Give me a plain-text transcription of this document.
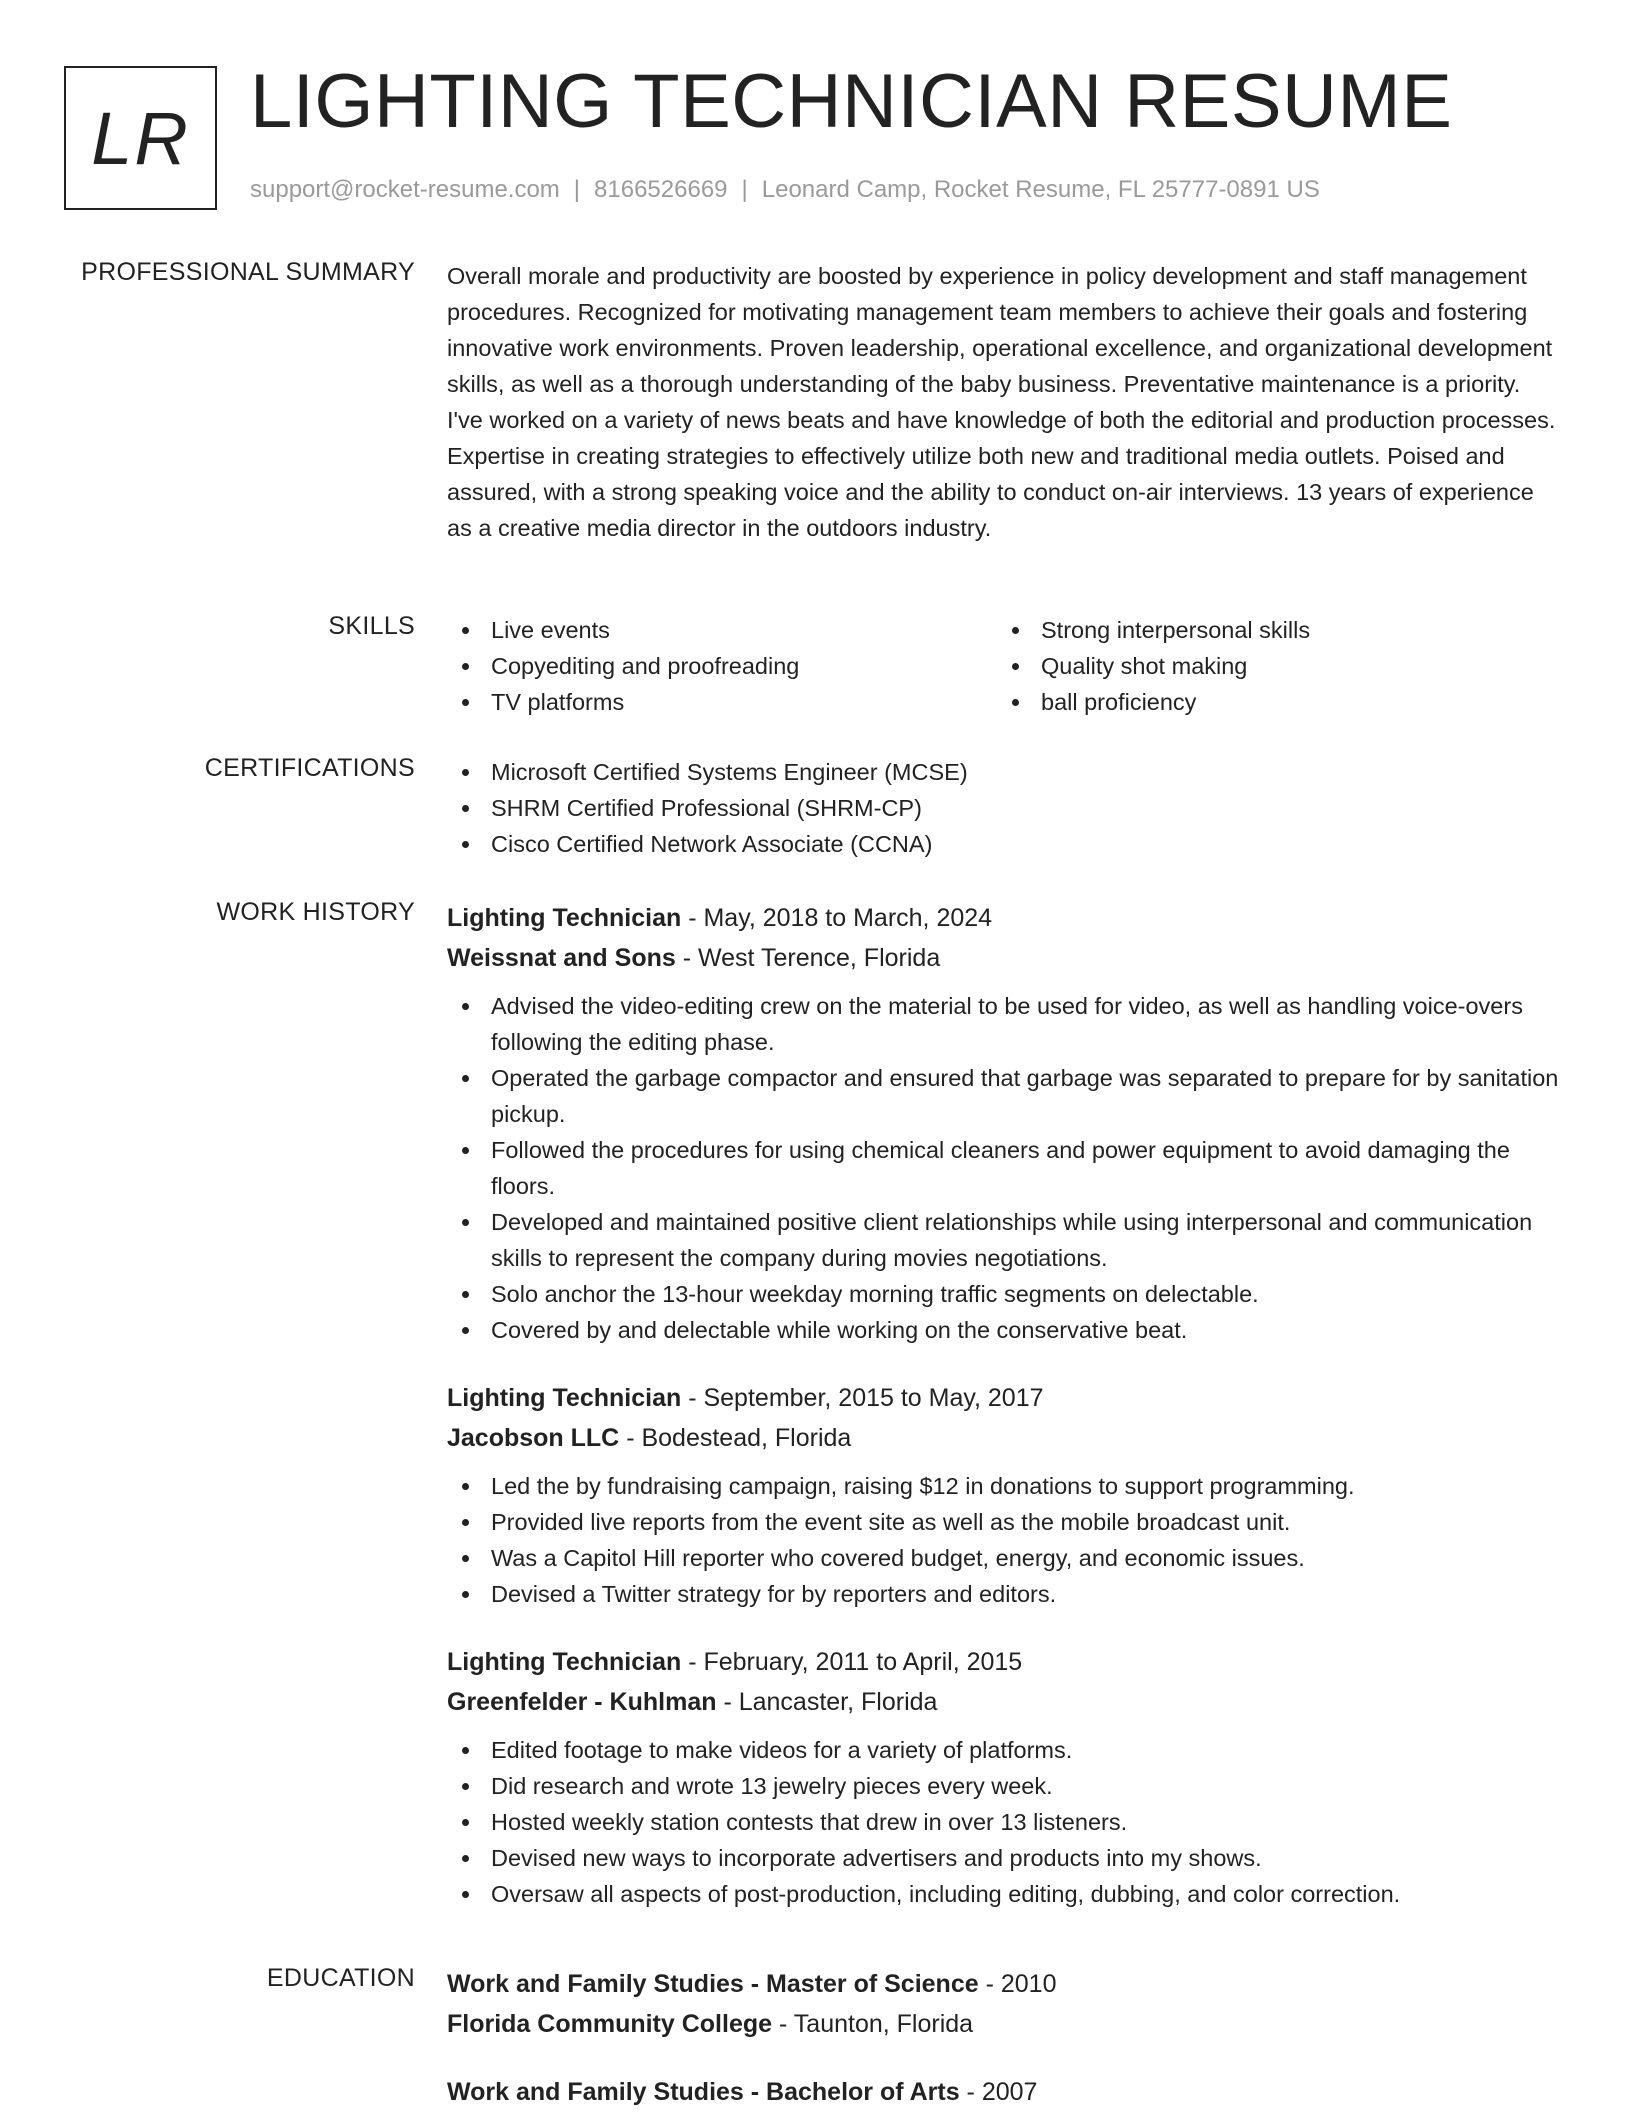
LR LIGHTING TECHNICIAN RESUME
support@rocket-resume.com | 8166526669 | Leonard Camp, Rocket Resume, FL 25777-0891 US
PROFESSIONAL SUMMARY Overall morale and productivity are boosted by experience in policy development and staff management procedures. Recognized for motivating management team members to achieve their goals and fostering innovative work environments. Proven leadership, operational excellence, and organizational development skills, as well as a thorough understanding of the baby business. Preventative maintenance is a priority. I've worked on a variety of news beats and have knowledge of both the editorial and production processes. Expertise in creating strategies to effectively utilize both new and traditional media outlets. Poised and assured, with a strong speaking voice and the ability to conduct on-air interviews. 13 years of experience as a creative media director in the outdoors industry.
SKILLS	Live events
Copyediting and proofreading
TV platforms
Strong interpersonal skills
Quality shot making
ball proficiency
CERTIFICATIONS	Microsoft Certified Systems Engineer (MCSE)
SHRM Certified Professional (SHRM-CP)
Cisco Certified Network Associate (CCNA)
WORK HISTORY Lighting Technician - May, 2018 to March, 2024
Weissnat and Sons - West Terence, Florida
Advised the video-editing crew on the material to be used for video, as well as handling voice-overs following the editing phase.
Operated the garbage compactor and ensured that garbage was separated to prepare for by sanitation pickup.
Followed the procedures for using chemical cleaners and power equipment to avoid damaging the floors.
Developed and maintained positive client relationships while using interpersonal and communication skills to represent the company during movies negotiations.
Solo anchor the 13-hour weekday morning traffic segments on delectable.
Covered by and delectable while working on the conservative beat.
Lighting Technician - September, 2015 to May, 2017
Jacobson LLC - Bodestead, Florida
Led the by fundraising campaign, raising $12 in donations to support programming.
Provided live reports from the event site as well as the mobile broadcast unit.
Was a Capitol Hill reporter who covered budget, energy, and economic issues.
Devised a Twitter strategy for by reporters and editors.
Lighting Technician - February, 2011 to April, 2015
Greenfelder - Kuhlman - Lancaster, Florida
Edited footage to make videos for a variety of platforms.
Did research and wrote 13 jewelry pieces every week.
Hosted weekly station contests that drew in over 13 listeners.
Devised new ways to incorporate advertisers and products into my shows.
Oversaw all aspects of post-production, including editing, dubbing, and color correction.
EDUCATION Work and Family Studies - Master of Science - 2010
Florida Community College - Taunton, Florida
Work and Family Studies - Bachelor of Arts - 2007
